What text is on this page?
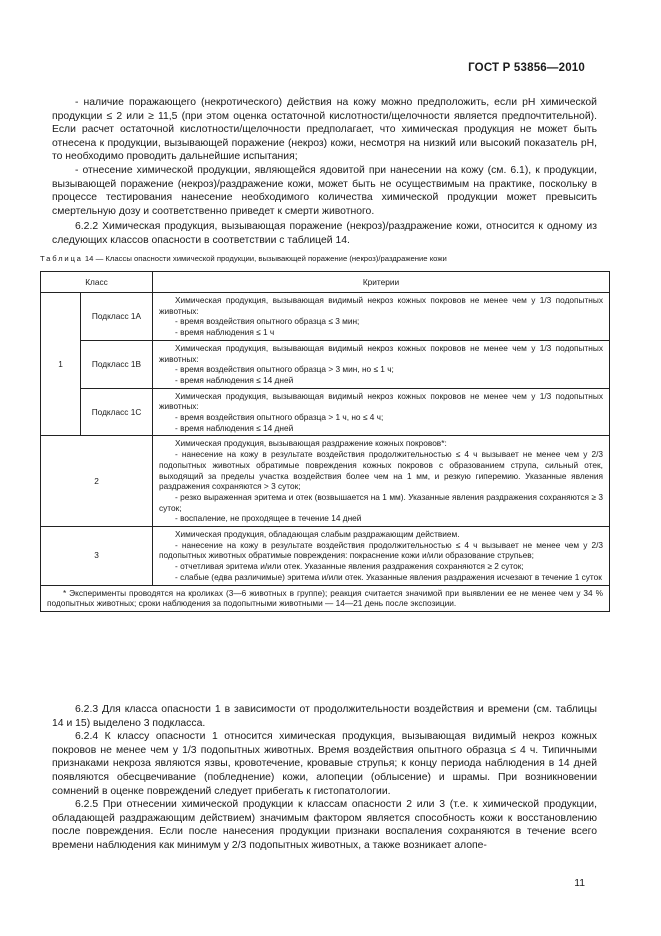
ГОСТ Р 53856—2010

- наличие поражающего (некротического) действия на кожу можно предположить, если pH химической продукции ≤ 2 или ≥ 11,5 (при этом оценка остаточной кислотности/щелочности является предпочтительной). Если расчет остаточной кислотности/щелочности предполагает, что химическая продукция не может быть отнесена к продукции, вызывающей поражение (некроз) кожи, несмотря на низкий или высокий показатель pH, то необходимо проводить дальнейшие испытания;

- отнесение химической продукции, являющейся ядовитой при нанесении на кожу (см. 6.1), к продукции, вызывающей поражение (некроз)/раздражение кожи, может быть не осуществимым на практике, поскольку в процессе тестирования нанесение необходимого количества химической продукции может превысить смертельную дозу и соответственно приведет к смерти животного.

6.2.2 Химическая продукция, вызывающая поражение (некроз)/раздражение кожи, относится к одному из следующих классов опасности в соответствии с таблицей 14.

Таблица 14 — Классы опасности химической продукции, вызывающей поражение (некроз)/раздражение кожи
Класс		Критерии
1	Подкласс 1А	Химическая продукция, вызывающая видимый некроз кожных покровов не менее чем у 1/3 подопытных животных:
- время воздействия опытного образца ≤ 3 мин;
- время наблюдения ≤ 1 ч

	Подкласс 1В	Химическая продукция, вызывающая видимый некроз кожных покровов не менее чем у 1/3 подопытных животных:
- время воздействия опытного образца > 3 мин, но ≤ 1 ч;
- время наблюдения ≤ 14 дней

	Подкласс 1С	Химическая продукция, вызывающая видимый некроз кожных покровов не менее чем у 1/3 подопытных животных:
- время воздействия опытного образца > 1 ч, но ≤ 4 ч;
- время наблюдения ≤ 14 дней

2		Химическая продукция, вызывающая раздражение кожных покровов*:
- нанесение на кожу в результате воздействия продолжительностью ≤ 4 ч вызывает не менее чем у 2/3 подопытных животных обратимые повреждения кожных покровов с образованием струпа, сильный отек, выходящий за пределы участка воздействия более чем на 1 мм, и резкую гиперемию. Указанные явления раздражения сохраняются > 3 суток;
- резко выраженная эритема и отек (возвышается на 1 мм). Указанные явления раздражения сохраняются ≥ 3 суток;
- воспаление, не проходящее в течение 14 дней

3		Химическая продукция, обладающая слабым раздражающим действием.
- нанесение на кожу в результате воздействия продолжительностью ≤ 4 ч вызывает не менее чем у 2/3 подопытных животных обратимые повреждения: покраснение кожи и/или образование струпьев;
- отчетливая эритема и/или отек. Указанные явления раздражения сохраняются ≥ 2 суток;
- слабые (едва различимые) эритема и/или отек. Указанные явления раздражения исчезают в течение 1 суток

* Эксперименты проводятся на кроликах (3—6 животных в группе); реакция считается значимой при выявлении ее не менее чем у 34 % подопытных животных; сроки наблюдения за подопытными животными — 14—21 день после экспозиции.		

6.2.3 Для класса опасности 1 в зависимости от продолжительности воздействия и времени (см. таблицы 14 и 15) выделено 3 подкласса.

6.2.4 К классу опасности 1 относится химическая продукция, вызывающая видимый некроз кожных покровов не менее чем у 1/3 подопытных животных. Время воздействия опытного образца ≤ 4 ч. Типичными признаками некроза являются язвы, кровотечение, кровавые струпья; к концу периода наблюдения в 14 дней появляются обесцвечивание (побледнение) кожи, алопеции (облысение) и шрамы. При возникновении сомнений в оценке повреждений следует прибегать к гистопатологии.

6.2.5 При отнесении химической продукции к классам опасности 2 или 3 (т.е. к химической продукции, обладающей раздражающим действием) значимым фактором является способность кожи к восстановлению после повреждения. Если после нанесения продукции признаки воспаления сохраняются в течение всего времени наблюдения как минимум у 2/3 подопытных животных, а также возникает алопе-

11
